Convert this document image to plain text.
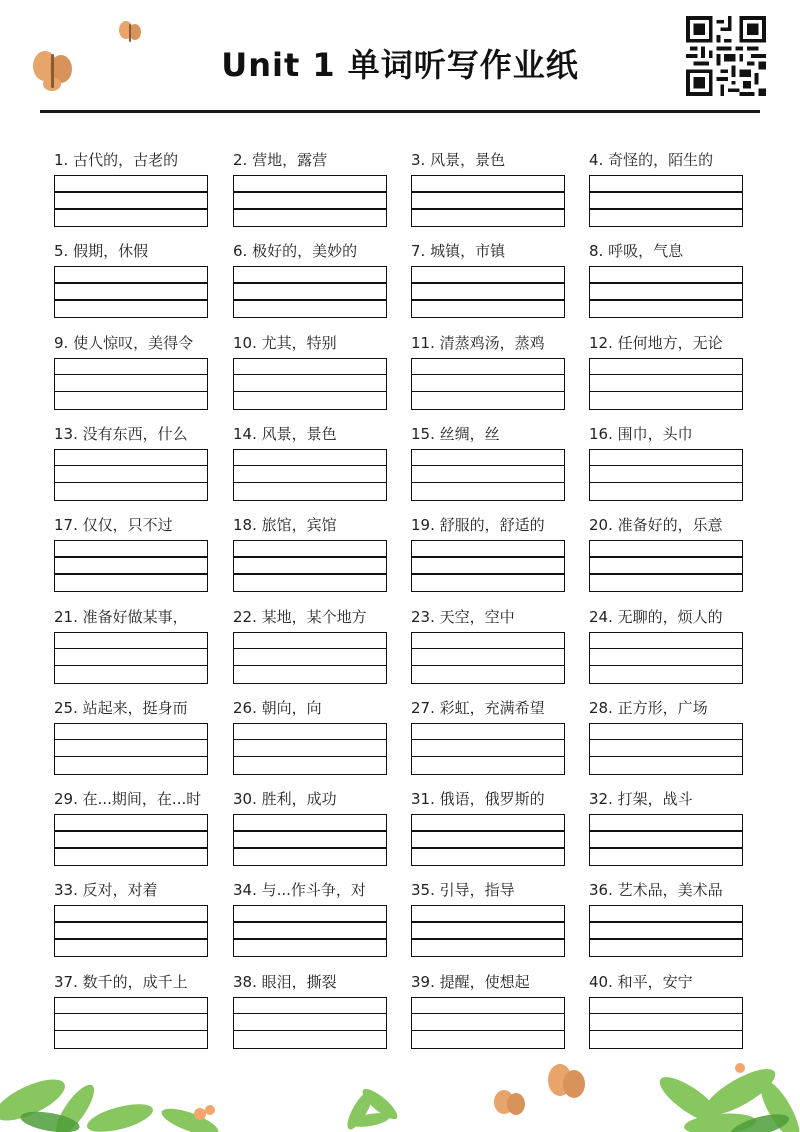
Unit 1 单词听写作业纸
1. 古代的，古老的	2. 营地，露营	3. 风景，景色	4. 奇怪的，陌生的
5. 假期，休假	6. 极好的，美妙的	7. 城镇，市镇	8. 呼吸，气息
9. 使人惊叹，美得令	10. 尤其，特别	11. 清蒸鸡汤，蒸鸡	12. 任何地方，无论
13. 没有东西，什么	14. 风景，景色	15. 丝绸，丝	16. 围巾，头巾
17. 仅仅，只不过	18. 旅馆，宾馆	19. 舒服的，舒适的	20. 准备好的，乐意
21. 准备好做某事，	22. 某地，某个地方	23. 天空，空中	24. 无聊的，烦人的
25. 站起来，挺身而	26. 朝向，向	27. 彩虹，充满希望	28. 正方形，广场
29. 在...期间，在...时	30. 胜利，成功	31. 俄语，俄罗斯的	32. 打架，战斗
33. 反对，对着	34. 与...作斗争，对	35. 引导，指导	36. 艺术品，美术品
37. 数千的，成千上	38. 眼泪，撕裂	39. 提醒，使想起	40. 和平，安宁
